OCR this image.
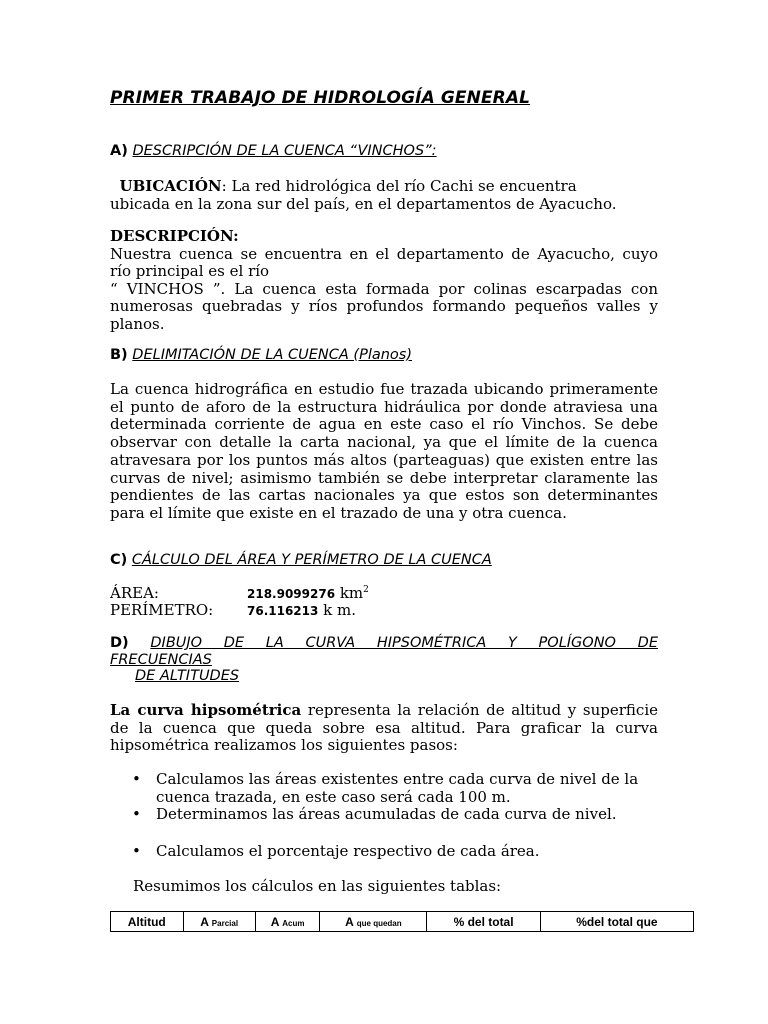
PRIMER TRABAJO DE HIDROLOGÍA GENERAL
A) DESCRIPCIÓN DE LA CUENCA “VINCHOS”:

UBICACIÓN: La red hidrológica del río Cachi se encuentra

ubicada en la zona sur del país, en el departamentos de Ayacucho.

DESCRIPCIÓN:

Nuestra cuenca se encuentra en el departamento de Ayacucho, cuyo

río principal es el río

“ VINCHOS ”. La cuenca esta formada por colinas escarpadas con

numerosas quebradas y ríos profundos formando pequeños valles y

planos.

B) DELIMITACIÓN DE LA CUENCA (Planos)
La cuenca hidrográfica en estudio fue trazada ubicando primeramente el punto de aforo de la estructura hidráulica por donde atraviesa una determinada corriente de agua en este caso el río Vinchos. Se debe observar con detalle la carta nacional, ya que el límite de la cuenca atravesara por los puntos más altos (parteaguas) que existen entre las curvas de nivel; asimismo también se debe interpretar claramente las pendientes de las cartas nacionales ya que estos son determinantes para el límite que existe en el trazado de una y otra cuenca.
C) CÁLCULO DEL ÁREA Y PERÍMETRO DE LA CUENCA
ÁREA:	218.9099276 $km^2$
PERÍMETRO:	76.116213 k m.

D) DIBUJO DE LA CURVA HIPSOMÉTRICA Y POLÍGONO DE

FRECUENCIAS

DE ALTITUDES

La curva hipsométrica representa la relación de altitud y superficie de la cuenca que queda sobre esa altitud. Para graficar la curva hipsométrica realizamos los siguientes pasos:
• Calculamos las áreas existentes entre cada curva de nivel de la cuenca trazada, en este caso será cada 100 m.
• Determinamos las áreas acumuladas de cada curva de nivel.
• Calculamos el porcentaje respectivo de cada área.
Resumimos los cálculos en las siguientes tablas:
Altitud	A Parcial	A Acum	A que quedan	% del total	%del total que
